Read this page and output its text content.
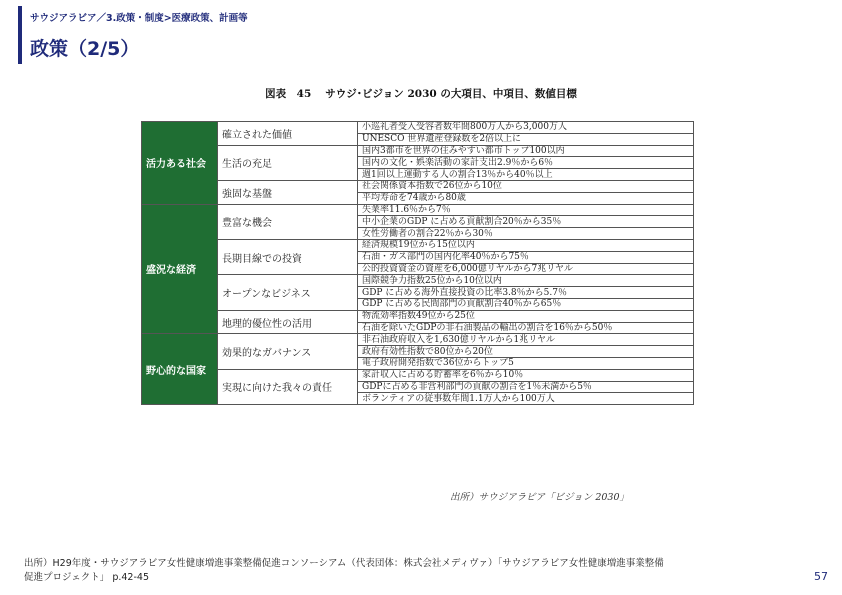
サウジアラビア／3.政策・制度>医療政策、計画等
政策（2/5）
図表　45 サウジ･ビジョン 2030 の大項目、中項目、数値目標
活力ある社会	確立された価値	小巡礼者受入受容者数年間800万人から3,000万人
		UNESCO 世界遺産登録数を2倍以上に
	生活の充足	国内3都市を世界の住みやすい都市トップ100以内
		国内の文化・娯楽活動の家計支出2.9％から6％
		週1回以上運動する人の割合13％から40％以上
	強固な基盤	社会関係資本指数で26位から10位
		平均寿命を74歳から80歳
盛況な経済	豊富な機会	失業率11.6％から7％
		中小企業のGDP に占める貢献割合20％から35％
		女性労働者の割合22％から30％
	長期目線での投資	経済規模19位から15位以内
		石油・ガス部門の国内化率40％から75％
		公的投資資金の資産を6,000億リヤルから7兆リヤル
	オープンなビジネス	国際競争力指数25位から10位以内
		GDP に占める海外直接投資の比率3.8％から5.7％
		GDP に占める民間部門の貢献割合40％から65％
	地理的優位性の活用	物流効率指数49位から25位
		石油を除いたGDPの非石油製品の輸出の割合を16％から50％
野心的な国家	効果的なガバナンス	非石油政府収入を1,630億リヤルから1兆リヤル
		政府有効性指数で80位から20位
		電子政府開発指数で36位からトップ5
	実現に向けた我々の責任	家計収入に占める貯蓄率を6％から10％
		GDPに占める非営利部門の貢献の割合を1％未満から5％
		ボランティアの従事数年間1.1万人から100万人
出所）サウジアラビア「ビジョン 2030」
出所）H29年度・サウジアラビア女性健康増進事業整備促進コンソーシアム（代表団体：株式会社メディヴァ）「サウジアラビア女性健康増進事業整備
促進プロジェクト」 p.42-45	57
